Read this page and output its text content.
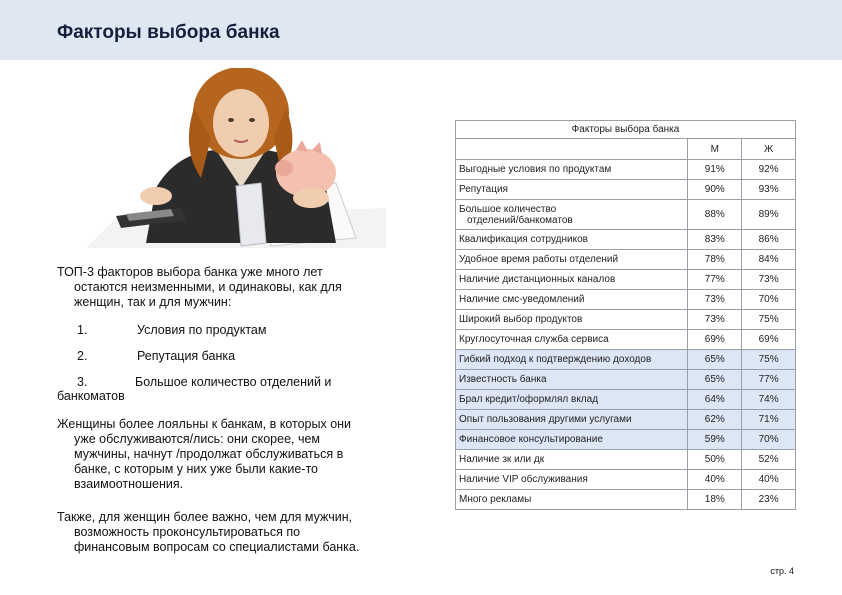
Факторы выбора банка
ТОП-3 факторов выбора банка уже много лет
остаются неизменными, и одинаковы, как для
женщин, так и для мужчин:
1.	Условия по продуктам
2.	Репутация банка
3.	Большое количество отделений и
банкоматов
Женщины более лояльны к банкам, в которых они
уже обслуживаются/лись: они скорее, чем
мужчины, начнут /продолжат обслуживаться в
банке, с которым у них уже были какие-то
взаимоотношения.
Также, для женщин более важно, чем для мужчин,
возможность проконсультироваться по
финансовым вопросам со специалистами банка.
Факторы выбора банка		
	М	Ж
Выгодные условия по продуктам	91%	92%
Репутация	90%	93%
Большое количество
отделений/банкоматов	88%	89%
Квалификация сотрудников	83%	86%
Удобное время работы отделений	78%	84%
Наличие дистанционных каналов	77%	73%
Наличие смс-уведомлений	73%	70%
Широкий выбор продуктов	73%	75%
Круглосуточная служба сервиса	69%	69%
Гибкий подход к подтверждению доходов	65%	75%
Известность банка	65%	77%
Брал кредит/оформлял вклад	64%	74%
Опыт пользования другими услугами	62%	71%
Финансовое консультирование	59%	70%
Наличие зк или дк	50%	52%
Наличие VIP обслуживания	40%	40%
Много рекламы	18%	23%
стр. 4
